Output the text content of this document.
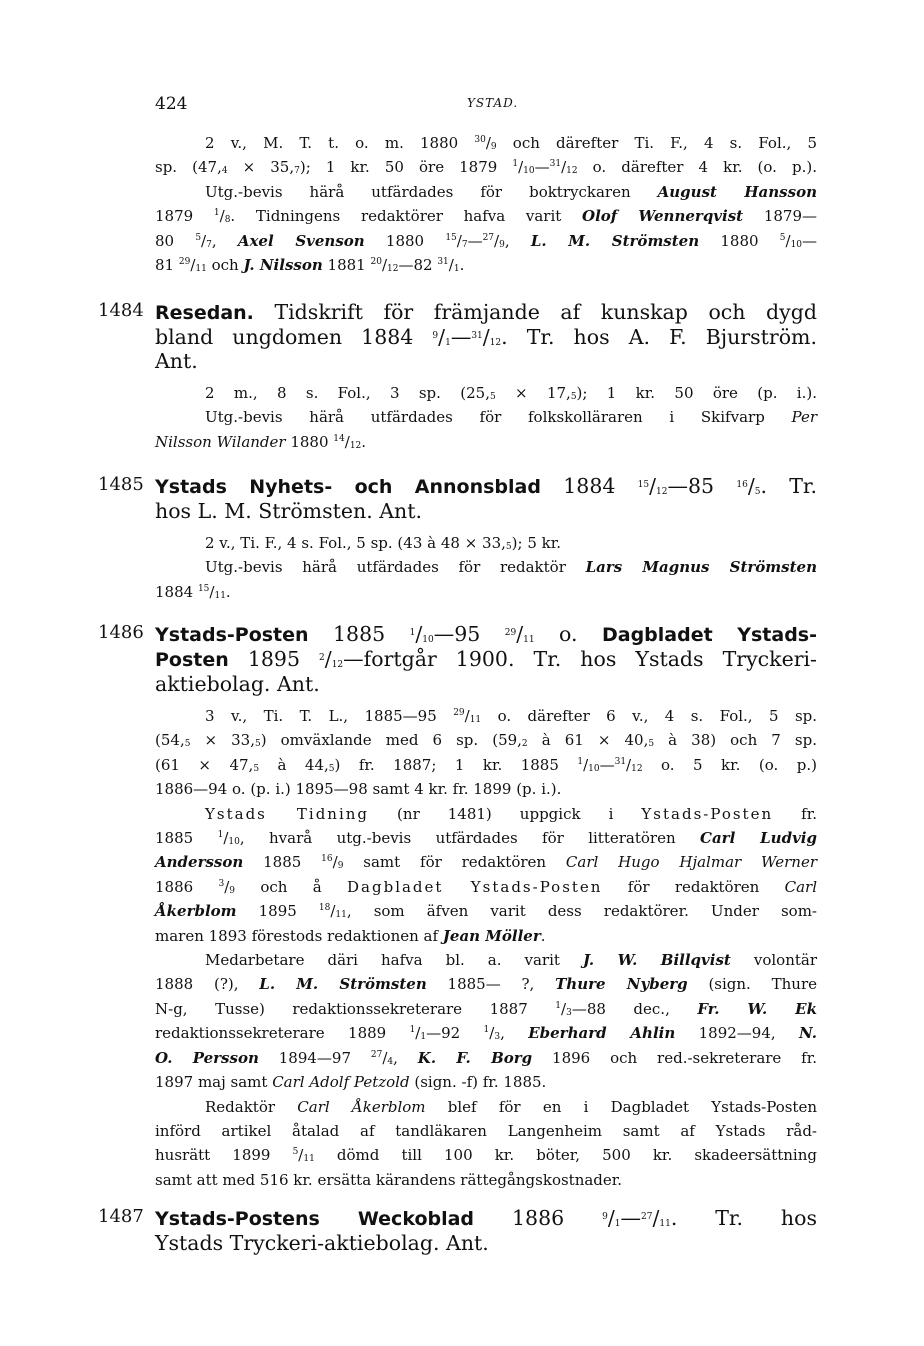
424	YSTAD.
2 v., M. T. t. o. m. 1880 $^{30}/_9$ och därefter Ti. F., 4 s. Fol., 5
sp. $(47,_4 \times 35,_7)$; 1 kr. 50 öre 1879 $^1/_{10}—^{31}/_{12}$ o. därefter 4 kr. (o. p.).
Utg.-bevis härå utfärdades för boktryckaren August Hansson
1879 $^1/_8$. Tidningens redaktörer hafva varit Olof Wennerqvist 1879—
80 $^5/_7$, Axel Svenson 1880 $^{15}/_7—^{27}/_9$, L. M. Strömsten 1880 $^5/_{10}—$
81 $^{29}/_{11}$ och J. Nilsson 1881 $^{20}/_{12}—82$ $^{31}/_1$.
1484 Resedan. Tidskrift för främjande af kunskap och dygd
bland ungdomen 1884 $^9/_1—^{31}/_{12}$. Tr. hos A. F. Bjurström.
Ant.
2 m., 8 s. Fol., 3 sp. $(25,_5 \times 17,_5)$; 1 kr. 50 öre (p. i.).
Utg.-bevis härå utfärdades för folkskolläraren i Skifvarp Per
Nilsson Wilander 1880 $^{14}/_{12}$.
1485 Ystads Nyhets- och Annonsblad 1884 $^{15}/_{12}—85$ $^{16}/_5$. Tr.
hos L. M. Strömsten. Ant.
2 v., Ti. F., 4 s. Fol., 5 sp. (43 à $48 \times 33,_5$); 5 kr.
Utg.-bevis härå utfärdades för redaktör Lars Magnus Strömsten
1884 $^{15}/_{11}$.
1486 Ystads-Posten 1885 $^1/_{10}—95$ $^{29}/_{11}$ o. Dagbladet Ystads-
Posten 1895 $^2/_{12}—fortgår$ 1900. Tr. hos Ystads Tryckeri-
aktiebolag. Ant.
3 v., Ti. T. L., 1885—95 $^{29}/_{11}$ o. därefter 6 v., 4 s. Fol., 5 sp.
$(54,_5 \times 33,_5)$ omväxlande med 6 sp. ($59,_2$ à $61 \times 40,_5$ à 38) och 7 sp.
($61 \times 47,_5$ à $44,_5$) fr. 1887; 1 kr. 1885 $^1/_{10}—^{31}/_{12}$ o. 5 kr. (o. p.)
1886—94 o. (p. i.) 1895—98 samt 4 kr. fr. 1899 (p. i.).
Ystads Tidning (nr 1481) uppgick i Ystads-Posten fr.
1885 $^1/_{10}$, hvarå utg.-bevis utfärdades för litteratören Carl Ludvig
Andersson 1885 $^{16}/_9$ samt för redaktören Carl Hugo Hjalmar Werner
1886 $^3/_9$ och å Dagbladet Ystads-Posten för redaktören Carl
Åkerblom 1895 $^{18}/_{11}$, som äfven varit dess redaktörer. Under som-
maren 1893 förestods redaktionen af Jean Möller.
Medarbetare däri hafva bl. a. varit J. W. Billqvist volontär
1888 (?), L. M. Strömsten 1885— ?, Thure Nyberg (sign. Thure
N-g, Tusse) redaktionssekreterare 1887 $^1/_3—88$ dec., Fr. W. Ek
redaktionssekreterare 1889 $^1/_1—92$ $^1/_3$, Eberhard Ahlin 1892—94, N.
O. Persson 1894—97 $^{27}/_4$, K. F. Borg 1896 och red.-sekreterare fr.
1897 maj samt Carl Adolf Petzold (sign. -f) fr. 1885.
Redaktör Carl Åkerblom blef för en i Dagbladet Ystads-Posten
införd artikel åtalad af tandläkaren Langenheim samt af Ystads råd-
husrätt 1899 $^5/_{11}$ dömd till 100 kr. böter, 500 kr. skadeersättning
samt att med 516 kr. ersätta kärandens rättegångskostnader.
1487 Ystads-Postens Weckoblad 1886 $^9/_1—^{27}/_{11}$. Tr. hos
Ystads Tryckeri-aktiebolag. Ant.
